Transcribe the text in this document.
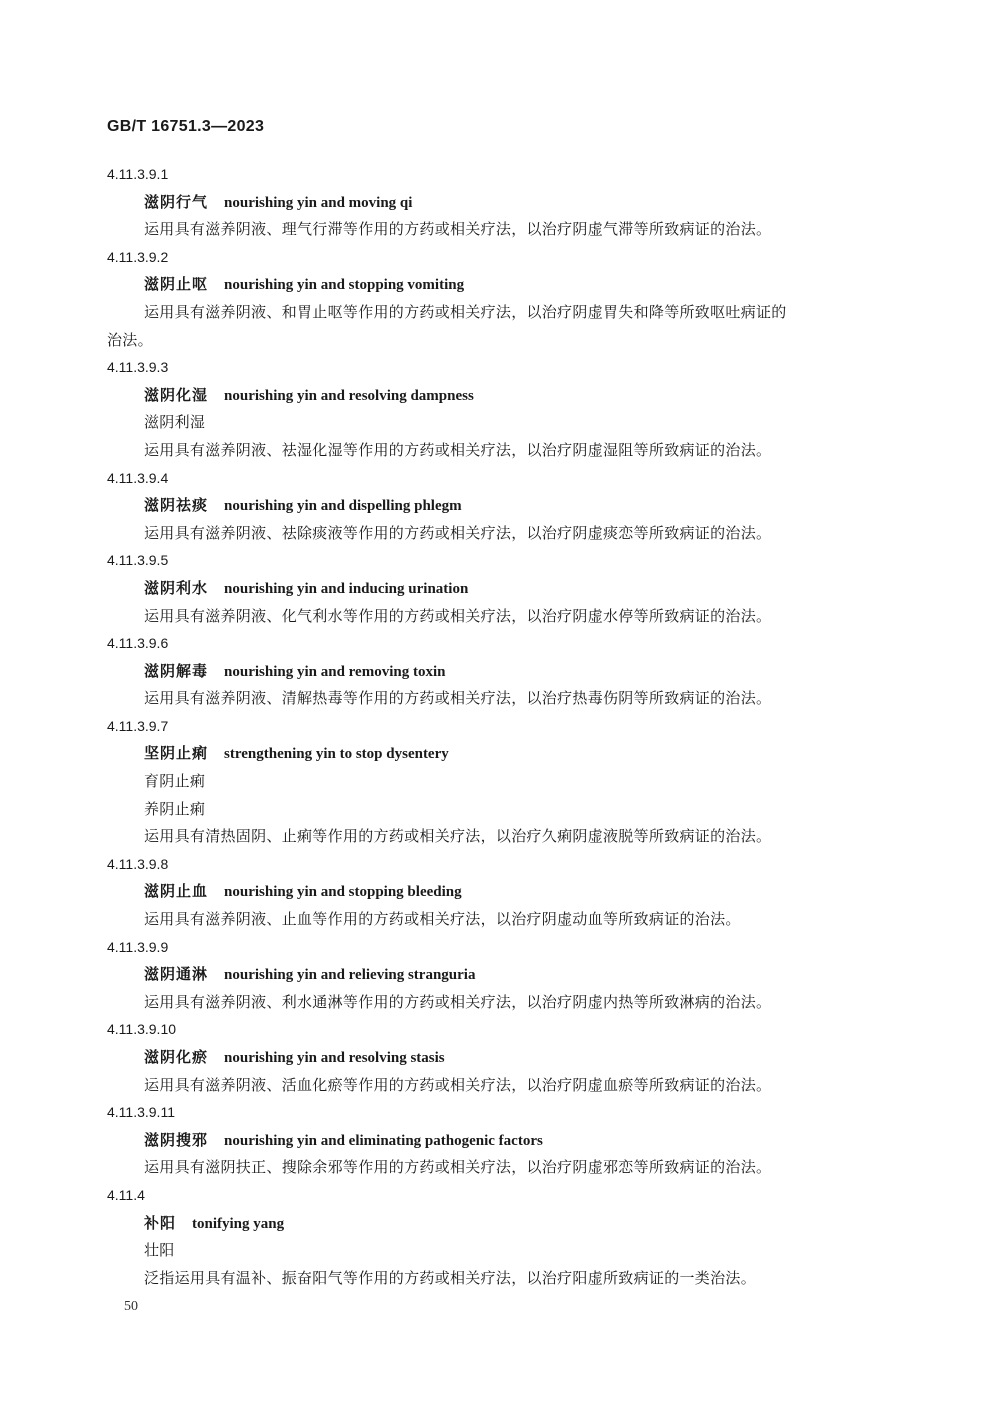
GB/T 16751.3—2023
4.11.3.9.1
滋阴行气 nourishing yin and moving qi
运用具有滋养阴液、理气行滞等作用的方药或相关疗法，以治疗阴虚气滞等所致病证的治法。
4.11.3.9.2
滋阴止呕 nourishing yin and stopping vomiting
运用具有滋养阴液、和胃止呕等作用的方药或相关疗法，以治疗阴虚胃失和降等所致呕吐病证的
治法。
4.11.3.9.3
滋阴化湿 nourishing yin and resolving dampness
滋阴利湿
运用具有滋养阴液、祛湿化湿等作用的方药或相关疗法，以治疗阴虚湿阻等所致病证的治法。
4.11.3.9.4
滋阴祛痰 nourishing yin and dispelling phlegm
运用具有滋养阴液、祛除痰液等作用的方药或相关疗法，以治疗阴虚痰恋等所致病证的治法。
4.11.3.9.5
滋阴利水 nourishing yin and inducing urination
运用具有滋养阴液、化气利水等作用的方药或相关疗法，以治疗阴虚水停等所致病证的治法。
4.11.3.9.6
滋阴解毒 nourishing yin and removing toxin
运用具有滋养阴液、清解热毒等作用的方药或相关疗法，以治疗热毒伤阴等所致病证的治法。
4.11.3.9.7
坚阴止痢 strengthening yin to stop dysentery
育阴止痢
养阴止痢
运用具有清热固阴、止痢等作用的方药或相关疗法，以治疗久痢阴虚液脱等所致病证的治法。
4.11.3.9.8
滋阴止血 nourishing yin and stopping bleeding
运用具有滋养阴液、止血等作用的方药或相关疗法，以治疗阴虚动血等所致病证的治法。
4.11.3.9.9
滋阴通淋 nourishing yin and relieving stranguria
运用具有滋养阴液、利水通淋等作用的方药或相关疗法，以治疗阴虚内热等所致淋病的治法。
4.11.3.9.10
滋阴化瘀 nourishing yin and resolving stasis
运用具有滋养阴液、活血化瘀等作用的方药或相关疗法，以治疗阴虚血瘀等所致病证的治法。
4.11.3.9.11
滋阴搜邪 nourishing yin and eliminating pathogenic factors
运用具有滋阴扶正、搜除余邪等作用的方药或相关疗法，以治疗阴虚邪恋等所致病证的治法。
4.11.4
补阳 tonifying yang
壮阳
泛指运用具有温补、振奋阳气等作用的方药或相关疗法，以治疗阳虚所致病证的一类治法。
50
